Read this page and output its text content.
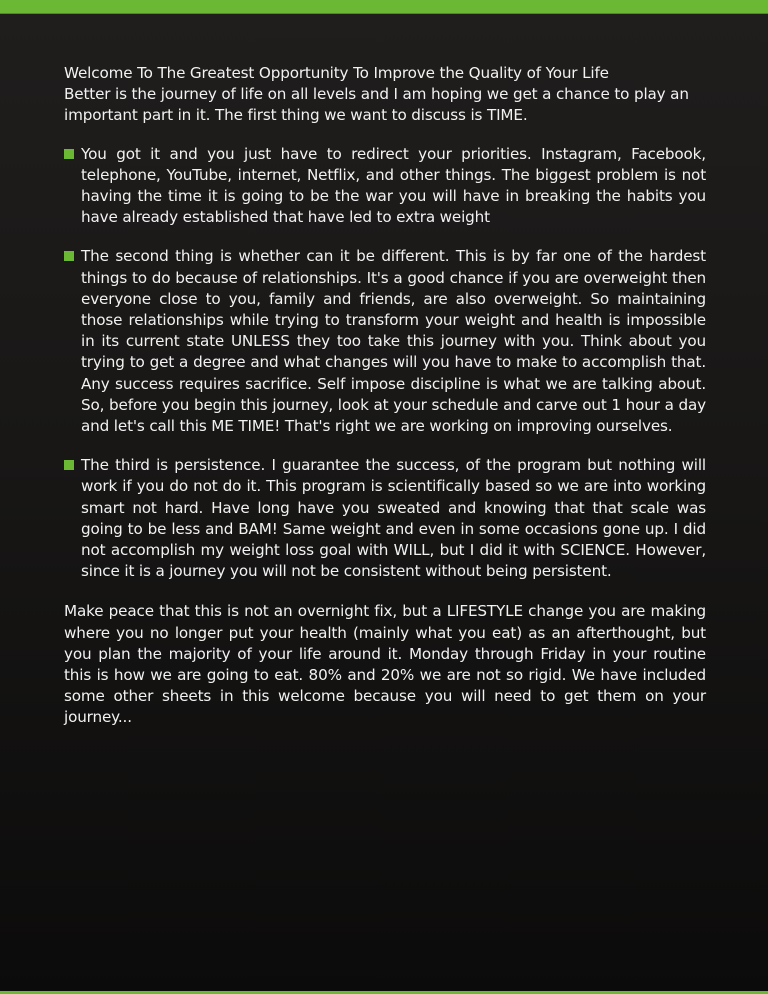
Welcome To The Greatest Opportunity To Improve the Quality of Your Life
Better is the journey of life on all levels and I am hoping we get a chance to play an important part in it. The first thing we want to discuss is TIME.

You got it and you just have to redirect your priorities. Instagram, Facebook, telephone, YouTube, internet, Netflix, and other things. The biggest problem is not having the time it is going to be the war you will have in breaking the habits you have already established that have led to extra weight
The second thing is whether can it be different. This is by far one of the hardest things to do because of relationships. It's a good chance if you are overweight then everyone close to you, family and friends, are also overweight. So maintaining those relationships while trying to transform your weight and health is impossible in its current state UNLESS they too take this journey with you. Think about you trying to get a degree and what changes will you have to make to accomplish that. Any success requires sacrifice. Self impose discipline is what we are talking about. So, before you begin this journey, look at your schedule and carve out 1 hour a day and let's call this ME TIME! That's right we are working on improving ourselves.
The third is persistence. I guarantee the success, of the program but nothing will work if you do not do it. This program is scientifically based so we are into working smart not hard. Have long have you sweated and knowing that that scale was going to be less and BAM! Same weight and even in some occasions gone up. I did not accomplish my weight loss goal with WILL, but I did it with SCIENCE. However, since it is a journey you will not be consistent without being persistent.

Make peace that this is not an overnight fix, but a LIFESTYLE change you are making where you no longer put your health (mainly what you eat) as an afterthought, but you plan the majority of your life around it. Monday through Friday in your routine this is how we are going to eat. 80% and 20% we are not so rigid. We have included some other sheets in this welcome because you will need to get them on your journey...
